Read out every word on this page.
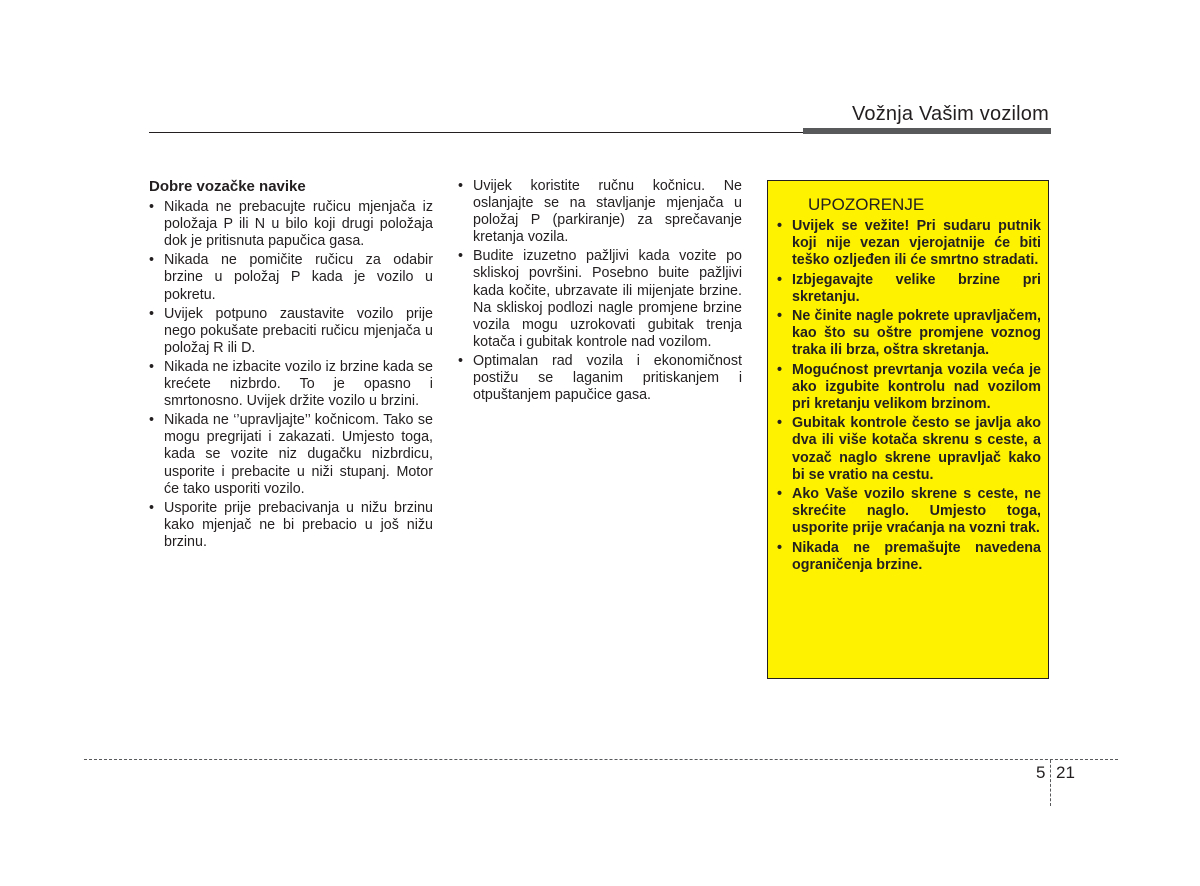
Vožnja Vašim vozilom
Dobre vozačke navike
• Nikada ne prebacujte ručicu mjenjača iz položaja P ili N u bilo koji drugi položaja dok je pritisnuta papučica gasa.
• Nikada ne pomičite ručicu za odabir brzine u položaj P kada je vozilo u pokretu.
• Uvijek potpuno zaustavite vozilo prije nego pokušate prebaciti ručicu mjenjača u položaj R ili D.
• Nikada ne izbacite vozilo iz brzine kada se krećete nizbrdo. To je opasno i smrtonosno. Uvijek držite vozilo u brzini.
• Nikada ne ‘’upravljajte’’ kočnicom. Tako se mogu pregrijati i zakazati. Umjesto toga, kada se vozite niz dugačku nizbrdicu, usporite i prebacite u niži stupanj. Motor će tako usporiti vozilo.
• Usporite prije prebacivanja u nižu brzinu kako mjenjač ne bi prebacio u još nižu brzinu.
• Uvijek koristite ručnu kočnicu. Ne oslanjajte se na stavljanje mjenjača u položaj P (parkiranje) za sprečavanje kretanja vozila.
• Budite izuzetno pažljivi kada vozite po skliskoj površini. Posebno buite pažljivi kada kočite, ubrzavate ili mijenjate brzine. Na skliskoj podlozi nagle promjene brzine vozila mogu uzrokovati gubitak trenja kotača i gubitak kontrole nad vozilom.
• Optimalan rad vozila i ekonomičnost postižu se laganim pritiskanjem i otpuštanjem papučice gasa.
UPOZORENJE
• Uvijek se vežite! Pri sudaru putnik koji nije vezan vjerojatnije će biti teško ozljeđen ili će smrtno stradati.
• Izbjegavajte velike brzine pri skretanju.
• Ne činite nagle pokrete upravljačem, kao što su oštre promjene voznog traka ili brza, oštra skretanja.
• Mogućnost prevrtanja vozila veća je ako izgubite kontrolu nad vozilom pri kretanju velikom brzinom.
• Gubitak kontrole često se javlja ako dva ili više kotača skrenu s ceste, a vozač naglo skrene upravljač kako bi se vratio na cestu.
• Ako Vaše vozilo skrene s ceste, ne skrećite naglo. Umjesto toga, usporite prije vraćanja na vozni trak.
• Nikada ne premašujte navedena ograničenja brzine.
5 21
